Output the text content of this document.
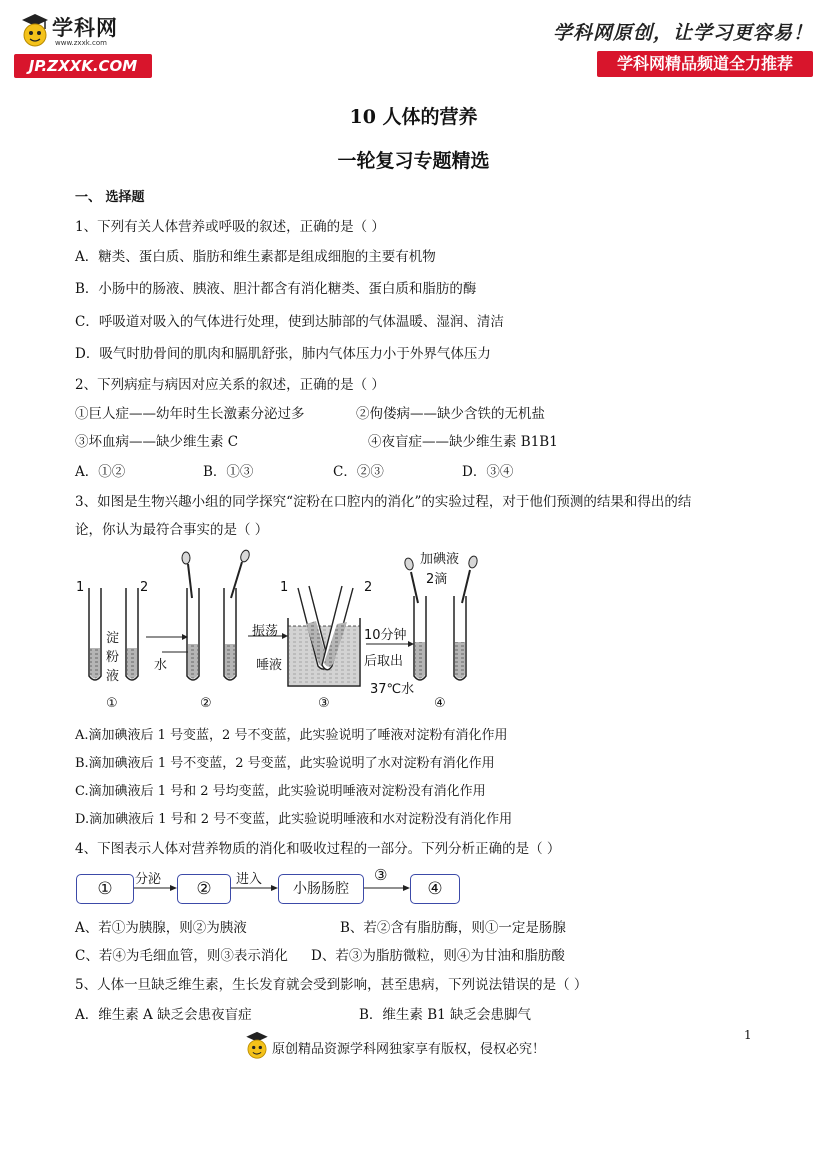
学科网
www.zxxk.com
JP.ZXXK.COM
学科网原创，让学习更容易！
学科网精品频道全力推荐
10 人体的营养
一轮复习专题精选
一、 选择题
1、下列有关人体营养或呼吸的叙述，正确的是（ ）
A．糖类、蛋白质、脂肪和维生素都是组成细胞的主要有机物
B．小肠中的肠液、胰液、胆汁都含有消化糖类、蛋白质和脂肪的酶
C．呼吸道对吸入的气体进行处理，使到达肺部的气体温暖、湿润、清洁
D．吸气时肋骨间的肌肉和膈肌舒张，肺内气体压力小于外界气体压力
2、下列病症与病因对应关系的叙述，正确的是（ ）
①巨人症——幼年时生长激素分泌过多	②佝偻病——缺少含铁的无机盐
③坏血病——缺少维生素 C	④夜盲症——缺少维生素 B1B1
A．①②	B．①③	C．②③	D．③④
3、如图是生物兴趣小组的同学探究“淀粉在口腔内的消化”的实验过程，对于他们预测的结果和得出的结
论，你认为最符合事实的是（ ）
1	2
淀
粉
液
水
振荡
唾液
1	2
10分钟
后取出
37℃水
加碘液
2滴
①	②	③	④
A.滴加碘液后 1 号变蓝，2 号不变蓝，此实验说明了唾液对淀粉有消化作用
B.滴加碘液后 1 号不变蓝，2 号变蓝，此实验说明了水对淀粉有消化作用
C.滴加碘液后 1 号和 2 号均变蓝，此实验说明唾液对淀粉没有消化作用
D.滴加碘液后 1 号和 2 号不变蓝，此实验说明唾液和水对淀粉没有消化作用
4、下图表示人体对营养物质的消化和吸收过程的一部分。下列分析正确的是（ ）
①	②	小肠肠腔	④
分泌	进入	③
A、若①为胰腺，则②为胰液	B、若②含有脂肪酶，则①一定是肠腺
C、若④为毛细血管，则③表示消化 D、若③为脂肪微粒，则④为甘油和脂肪酸
5、人体一旦缺乏维生素，生长发育就会受到影响，甚至患病，下列说法错误的是（ ）
A．维生素 A 缺乏会患夜盲症	B．维生素 B1 缺乏会患脚气
原创精品资源学科网独家享有版权，侵权必究！
1
